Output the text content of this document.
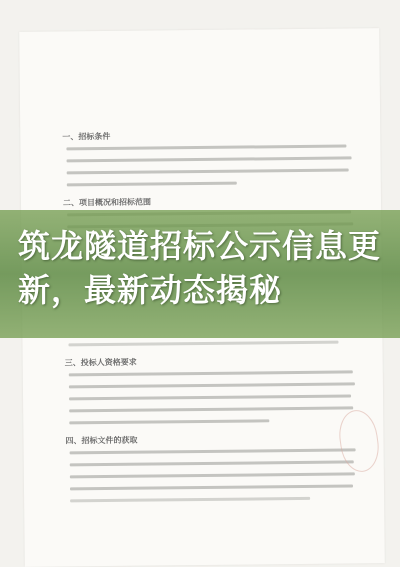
一、招标条件
二、项目概况和招标范围
三、投标人资格要求
四、招标文件的获取
筑龙隧道招标公示信息更新，最新动态揭秘
